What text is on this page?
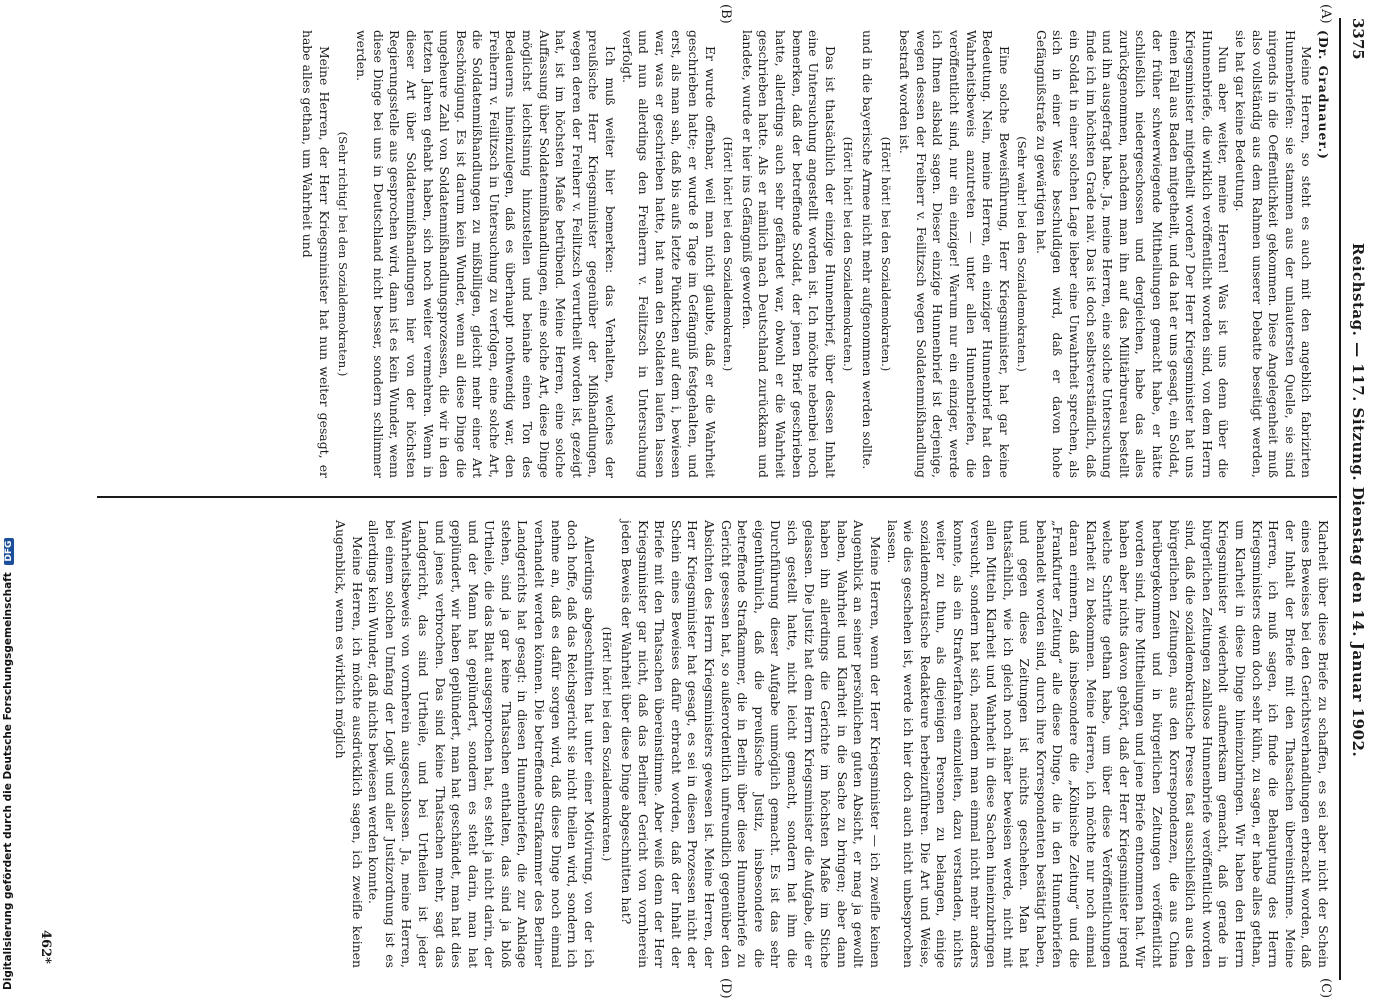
3375
Reichstag. — 117. Sitzung. Dienstag den 14. Januar 1902.
(A)
(B)
(C)
(D)

(Dr. Gradnauer.)

Meine Herren, so steht es auch mit den angeblich fabrizirten Hunnenbriefen: sie stammen aus der unlautersten Quelle, sie sind nirgends in die Oeffentlichkeit gekommen. Diese Angelegenheit muß also vollständig aus dem Rahmen unserer Debatte beseitigt werden, sie hat gar keine Bedeutung.

Nun aber weiter, meine Herren! Was ist uns denn über die Hunnenbriefe, die wirklich veröffentlicht worden sind, von dem Herrn Kriegsminister mitgetheilt worden? Der Herr Kriegsminister hat uns einen Fall aus Baden mitgetheilt, und da hat er uns gesagt, ein Soldat, der früher schwerwiegende Mittheilungen gemacht habe, er hätte schließlich niedergeschossen und dergleichen, habe das alles zurückgenommen, nachdem man ihn auf das Militärbureau bestellt und ihn ausgefragt habe. Ja, meine Herren, eine solche Untersuchung finde ich im höchsten Grade naiv. Das ist doch selbstverständlich, daß ein Soldat in einer solchen Lage lieber eine Unwahrheit sprechen, als sich in einer Weise beschuldigen wird, daß er davon hohe Gefängnißstrafe zu gewärtigen hat.

(Sehr wahr! bei den Sozialdemokraten.)

Eine solche Beweisführung, Herr Kriegsminister, hat gar keine Bedeutung. Nein, meine Herren, ein einziger Hunnenbrief hat den Wahrheitsbeweis anzutreten — unter allen Hunnenbriefen, die veröffentlicht sind, nur ein einziger! Warum nur ein einziger, werde ich Ihnen alsbald sagen. Dieser einzige Hunnenbrief ist derjenige, wegen dessen der Freiherr v. Feilitzsch wegen Soldatenmißhandlung bestraft worden ist.

(Hört! hört! bei den Sozialdemokraten.)

und in die bayerische Armee nicht mehr aufgenommen werden sollte.

(Hört! hört! bei den Sozialdemokraten.)

Das ist thatsächlich der einzige Hunnenbrief, über dessen Inhalt eine Untersuchung angestellt worden ist. Ich möchte nebenbei noch bemerken, daß der betreffende Soldat, der jenen Brief geschrieben hatte, allerdings auch sehr gefährdet war, obwohl er die Wahrheit geschrieben hatte. Als er nämlich nach Deutschland zurückkam und landete, wurde er hier ins Gefängniß geworfen.

(Hört! hört! bei den Sozialdemokraten.)

Er wurde offenbar, weil man nicht glaubte, daß er die Wahrheit geschrieben hatte; er wurde 8 Tage im Gefängniß festgehalten, und erst, als man sah, daß bis aufs letzte Pünktchen auf dem i, bewiesen war, was er geschrieben hatte, hat man den Soldaten laufen lassen und nun allerdings den Freiherrn v. Feilitzsch in Untersuchung verfolgt.

Ich muß weiter hier bemerken: das Verhalten, welches der preußische Herr Kriegsminister gegenüber der Mißhandlungen, wegen deren der Freiherr v. Feilitzsch verurtheilt worden ist, gezeigt hat, ist im höchsten Maße betrübend. Meine Herren, eine solche Auffassung über Soldatenmißhandlungen, eine solche Art, diese Dinge möglichst leichtsinnig hinzustellen und beinahe einen Ton des Bedauerns hineinzulegen, daß es überhaupt nothwendig war, den Freiherrn v. Feilitzsch in Untersuchung zu verfolgen, eine solche Art, die Soldatenmißhandlungen zu mißbilligen, gleicht mehr einer Art Beschönigung. Es ist darum kein Wunder, wenn all diese Dinge die ungeheure Zahl von Soldatenmißhandlungsprozessen, die wir in den letzten Jahren gehabt haben, sich noch weiter vermehren. Wenn in dieser Art über Soldatenmißhandlungen hier von der höchsten Regierungsstelle aus gesprochen wird, dann ist es kein Wunder, wenn diese Dinge bei uns in Deutschland nicht besser, sondern schlimmer werden.

(Sehr richtig! bei den Sozialdemokraten.)

Meine Herren, der Herr Kriegsminister hat nun weiter gesagt, er habe alles gethan, um Wahrheit und

Klarheit über diese Briefe zu schaffen, es sei aber nicht der Schein eines Beweises bei den Gerichtsverhandlungen erbracht worden, daß der Inhalt der Briefe mit den Thatsachen übereinstimme. Meine Herren, ich muß sagen, ich finde die Behauptung des Herrn Kriegsministers denn doch sehr kühn, zu sagen, er habe alles gethan, um Klarheit in diese Dinge hineinzubringen. Wir haben den Herrn Kriegsminister wiederholt aufmerksam gemacht, daß gerade in bürgerlichen Zeitungen zahllose Hunnenbriefe veröffentlicht worden sind, daß die sozialdemokratische Presse fast ausschließlich aus den bürgerlichen Zeitungen, aus den Korrespondenzen, die aus China herübergekommen und in bürgerlichen Zeitungen veröffentlicht worden sind, ihre Mittheilungen und jene Briefe entnommen hat. Wir haben aber nichts davon gehört, daß der Herr Kriegsminister irgend welche Schritte gethan habe, um über diese Veröffentlichungen Klarheit zu bekommen. Meine Herren, ich möchte nur noch einmal daran erinnern, daß insbesondere die „Kölnische Zeitung“ und die „Frankfurter Zeitung“ alle diese Dinge, die in den Hunnenbriefen behandelt worden sind, durch ihre Korrespondenten bestätigt haben, und gegen diese Zeitungen ist nichts geschehen. Man hat thatsächlich, wie ich gleich noch näher beweisen werde, nicht mit allen Mitteln Klarheit und Wahrheit in diese Sachen hineinzubringen versucht, sondern hat sich, nachdem man einmal nicht mehr anders konnte, als ein Strafverfahren einzuleiten, dazu verstanden, nichts weiter zu thun, als diejenigen Personen zu belangen, einige sozialdemokratische Redakteure herbeizuführen. Die Art und Weise, wie dies geschehen ist, werde ich hier doch auch nicht unbesprochen lassen.

Meine Herren, wenn der Herr Kriegsminister — ich zweifle keinen Augenblick an seiner persönlichen guten Absicht, er mag ja gewollt haben, Wahrheit und Klarheit in die Sache zu bringen; aber dann haben ihn allerdings die Gerichte im höchsten Maße im Stiche gelassen. Die Justiz hat dem Herrn Kriegsminister die Aufgabe, die er sich gestellt hatte, nicht leicht gemacht, sondern hat ihm die Durchführung dieser Aufgabe unmöglich gemacht. Es ist das sehr eigenthümlich, daß die preußische Justiz, insbesondere die betreffende Strafkammer, die in Berlin über diese Hunnenbriefe zu Gericht gesessen hat, so außerordentlich unfreundlich gegenüber den Absichten des Herrn Kriegsministers gewesen ist. Meine Herren, der Herr Kriegsminister hat gesagt, es sei in diesen Prozessen nicht der Schein eines Beweises dafür erbracht worden, daß der Inhalt der Briefe mit den Thatsachen übereinstimme. Aber weiß denn der Herr Kriegsminister gar nicht, daß das Berliner Gericht von vornherein jeden Beweis der Wahrheit über diese Dinge abgeschnitten hat?

(Hört! hört! bei den Sozialdemokraten.)

Allerdings abgeschnitten hat unter einer Motivirung, von der ich doch hoffe, daß das Reichsgericht sie nicht theilen wird, sondern ich nehme an, daß es dafür sorgen wird, daß diese Dinge noch einmal verhandelt werden können. Die betreffende Strafkammer des Berliner Landgerichts hat gesagt: in diesen Hunnenbriefen, die zur Anklage stehen, sind ja gar keine Thatsachen enthalten, das sind ja bloß Urtheile, die das Blatt ausgesprochen hat, es steht ja nicht darin, der und der Mann hat geplündert, sondern es steht darin, man hat geplündert, wir haben geplündert, man hat geschändet, man hat dies und jenes verbrochen. Das sind keine Thatsachen mehr, sagt das Landgericht, das sind Urtheile, und bei Urtheilen ist jeder Wahrheitsbeweis von vornherein ausgeschlossen. Ja, meine Herren, bei einem solchen Umfang der Logik und aller Justizordnung ist es allerdings kein Wunder, daß nichts bewiesen werden konnte.

Meine Herren, ich möchte ausdrücklich sagen, ich zweifle keinen Augenblick, wenn es wirklich möglich

462*
Digitalisierung gefördert durch die Deutsche Forschungsgemeinschaft DFG
